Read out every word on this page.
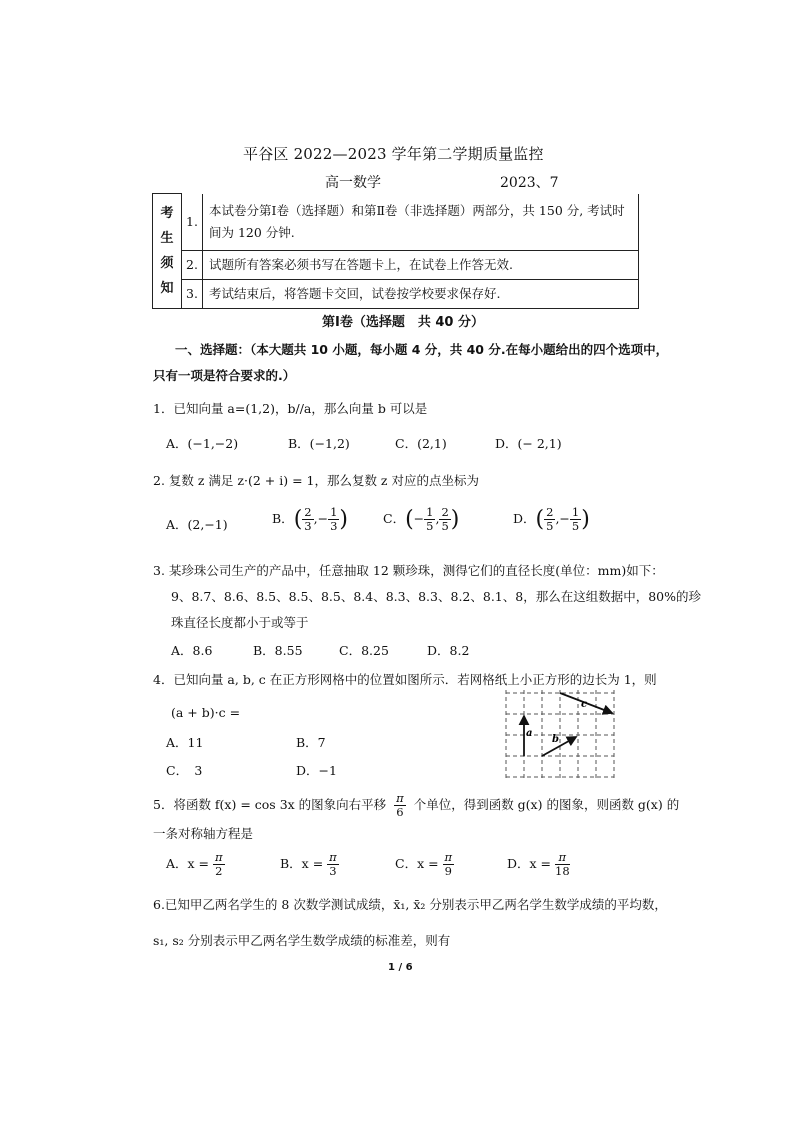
平谷区 2022—2023 学年第二学期质量监控
高一数学	2023、7
考
生
须
知	1.	本试卷分第Ⅰ卷（选择题）和第Ⅱ卷（非选择题）两部分，共 150 分, 考试时间为 120 分钟.

	2.	试题所有答案必须书写在答题卡上，在试卷上作答无效.
	3.	考试结束后，将答题卡交回，试卷按学校要求保存好.
第Ⅰ卷（选择题　共 40 分）
一、选择题：（本大题共 10 小题，每小题 4 分，共 40 分.在每小题给出的四个选项中，
只有一项是符合要求的.）
1．已知向量 a=(1,2)，b//a，那么向量 b 可以是
A．(−1,−2)	B．(−1,2)	C．(2,1)	D．(− 2,1)
2. 复数 z 满足 z·(2 + i) = 1，那么复数 z 对应的点坐标为
A．(2,−1)	B．( $\frac{2}{3}$ ,− $\frac{1}{3}$ )	C．(− $\frac{1}{5}$ , $\frac{2}{5}$ )	D．( $\frac{2}{5}$ ,− $\frac{1}{5}$ )
3. 某珍珠公司生产的产品中，任意抽取 12 颗珍珠，测得它们的直径长度(单位：mm)如下：
9、8.7、8.6、8.5、8.5、8.5、8.4、8.3、8.3、8.2、8.1、8，那么在这组数据中，80%的珍
珠直径长度都小于或等于
A．8.6	B．8.55	C．8.25	D．8.2
4．已知向量 a, b, c 在正方形网格中的位置如图所示．若网格纸上小正方形的边长为 1，则
(a + b)·c =
A．11	B．7
C．　3	D．−1
a
b
c
5．将函数 f(x) = cos 3x 的图象向右平移 $\frac{\pi}{6}$ 个单位，得到函数 g(x) 的图象，则函数 g(x) 的
一条对称轴方程是
A．$x = \frac{\pi}{2}$	B．$x = \frac{\pi}{3}$	C．$x = \frac{\pi}{9}$	D．$x = \frac{\pi}{18}$
6.已知甲乙两名学生的 8 次数学测试成绩，x̄₁, x̄₂ 分别表示甲乙两名学生数学成绩的平均数，
s₁, s₂ 分别表示甲乙两名学生数学成绩的标准差，则有
1 / 6
